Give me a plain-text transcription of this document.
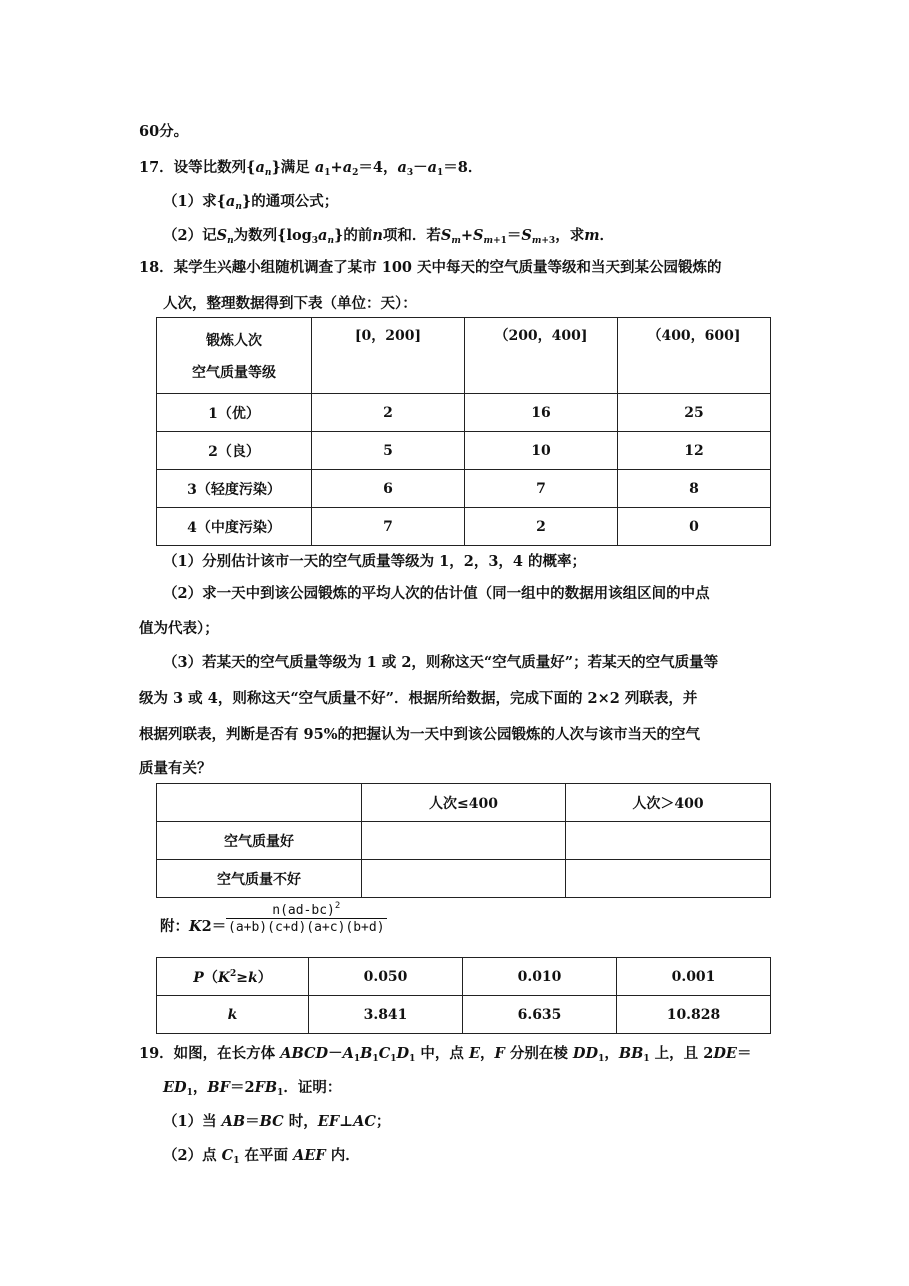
60分。
17．设等比数列$\{a_n\}$满足 $a_1+a_2=4$，$a_3-a_1=8$．
（1）求$\{a_n\}$的通项公式；
（2）记$S_n$为数列$\{\log_3a_n\}$的前n项和．若$S_m+S_{m+1}=S_{m+3}$，求m．
18．某学生兴趣小组随机调查了某市 100 天中每天的空气质量等级和当天到某公园锻炼的
人次，整理数据得到下表（单位：天）：
锻炼人次
空气质量等级	[0，200]	（200，400]	（400，600]
1（优）	2	16	25
2（良）	5	10	12
3（轻度污染）	6	7	8
4（中度污染）	7	2	0
（1）分别估计该市一天的空气质量等级为 1，2，3，4 的概率；
（2）求一天中到该公园锻炼的平均人次的估计值（同一组中的数据用该组区间的中点
值为代表）；
（3）若某天的空气质量等级为 1 或 2，则称这天“空气质量好”；若某天的空气质量等
级为 3 或 4，则称这天“空气质量不好”．根据所给数据，完成下面的 2×2 列联表，并
根据列联表，判断是否有 95%的把握认为一天中到该公园锻炼的人次与该市当天的空气
质量有关？
	人次≤400	人次＞400
空气质量好		
空气质量不好		
附：$K2= \frac{n(ad-bc)^2}{(a+b)(c+d)(a+c)(b+d)}$
$P(K^2\ge k)$	0.050	0.010	0.001
k	3.841	6.635	10.828
19．如图，在长方体 $ABCD-A_1B_1C_1D_1$ 中，点 E，F 分别在棱 $DD_1$，$BB_1$ 上，且 2DE＝
$ED_1$，$BF=2FB_1$．证明：
（1）当 AB＝BC 时，EF⊥AC；
（2）点 $C_1$ 在平面 AEF 内．
